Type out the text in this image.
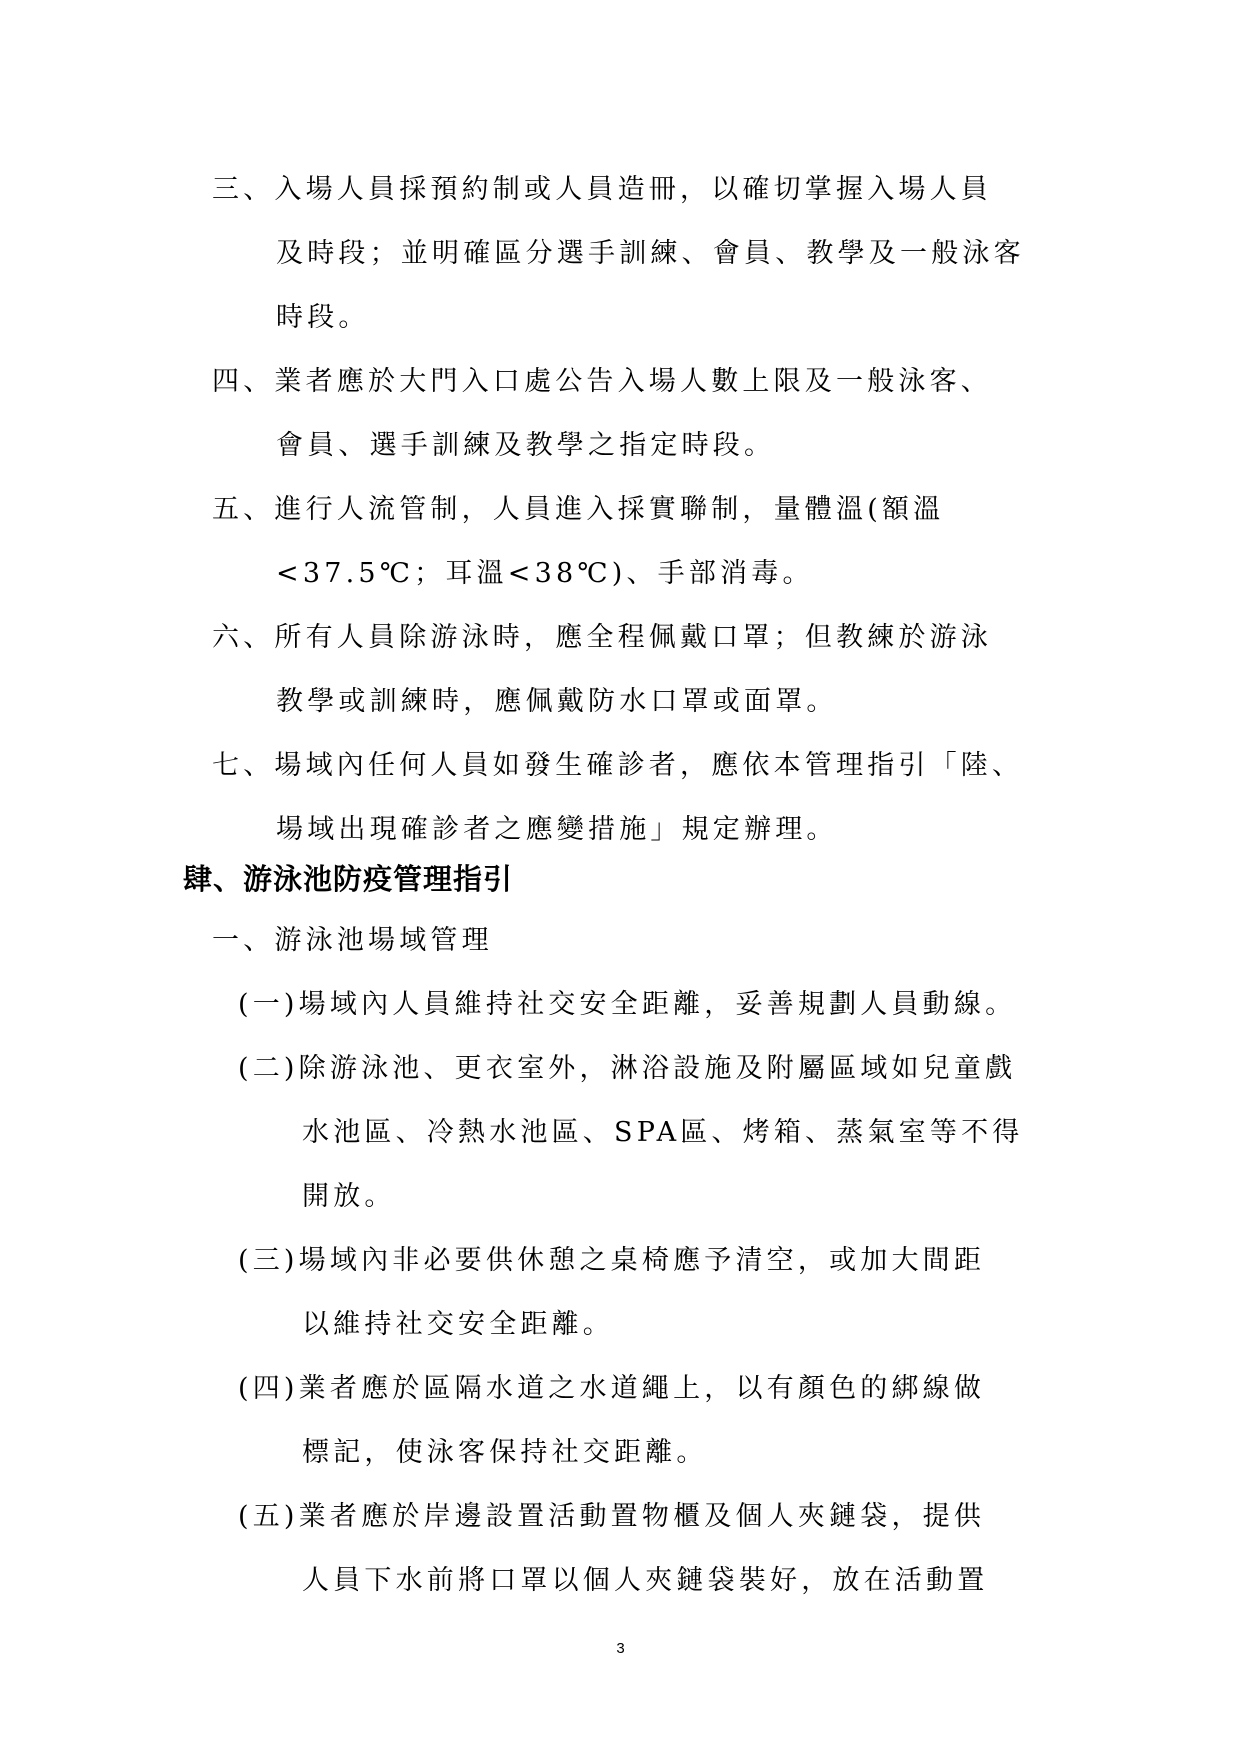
三、入場人員採預約制或人員造冊，以確切掌握入場人員
及時段；並明確區分選手訓練、會員、教學及一般泳客
時段。
四、業者應於大門入口處公告入場人數上限及一般泳客、
會員、選手訓練及教學之指定時段。
五、進行人流管制，人員進入採實聯制，量體溫(額溫
<37.5℃；耳溫<38℃)、手部消毒。
六、所有人員除游泳時，應全程佩戴口罩；但教練於游泳
教學或訓練時，應佩戴防水口罩或面罩。
七、場域內任何人員如發生確診者，應依本管理指引「陸、
場域出現確診者之應變措施」規定辦理。
肆、游泳池防疫管理指引
一、游泳池場域管理
(一)場域內人員維持社交安全距離，妥善規劃人員動線。
(二)除游泳池、更衣室外，淋浴設施及附屬區域如兒童戲
水池區、冷熱水池區、SPA區、烤箱、蒸氣室等不得
開放。
(三)場域內非必要供休憩之桌椅應予清空，或加大間距
以維持社交安全距離。
(四)業者應於區隔水道之水道繩上，以有顏色的綁線做
標記，使泳客保持社交距離。
(五)業者應於岸邊設置活動置物櫃及個人夾鏈袋，提供
人員下水前將口罩以個人夾鏈袋裝好，放在活動置
3
